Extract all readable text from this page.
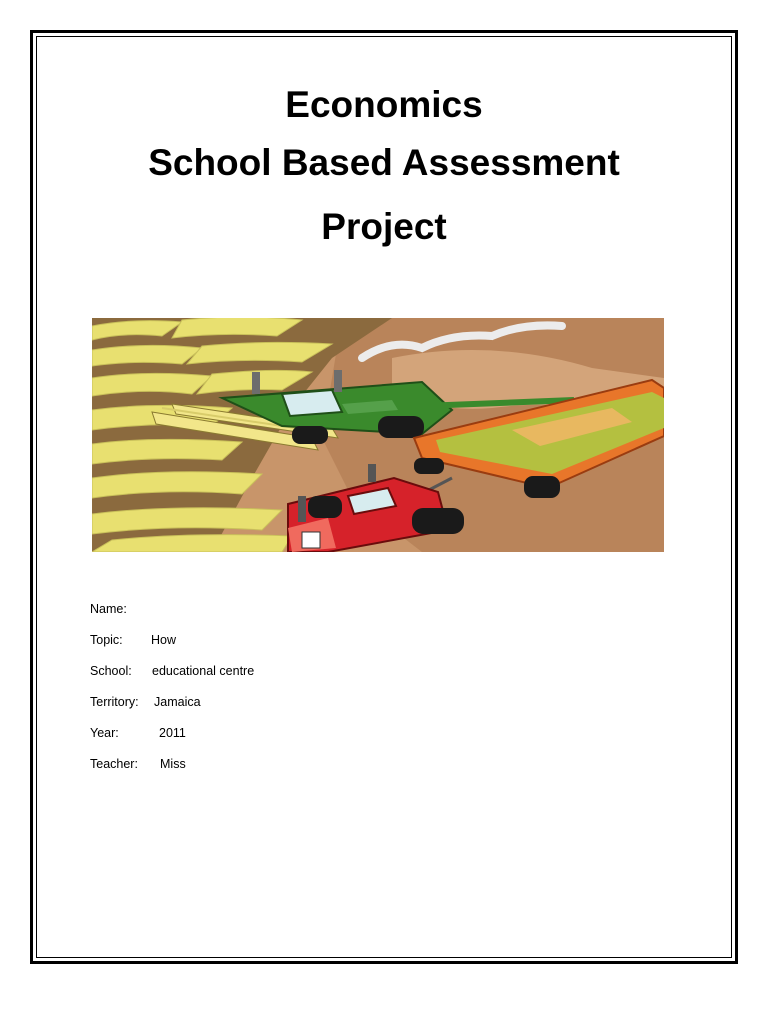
Economics
School Based Assessment
Project
Name:
Topic: How
School: educational centre
Territory: Jamaica
Year:	2011
Teacher: Miss
